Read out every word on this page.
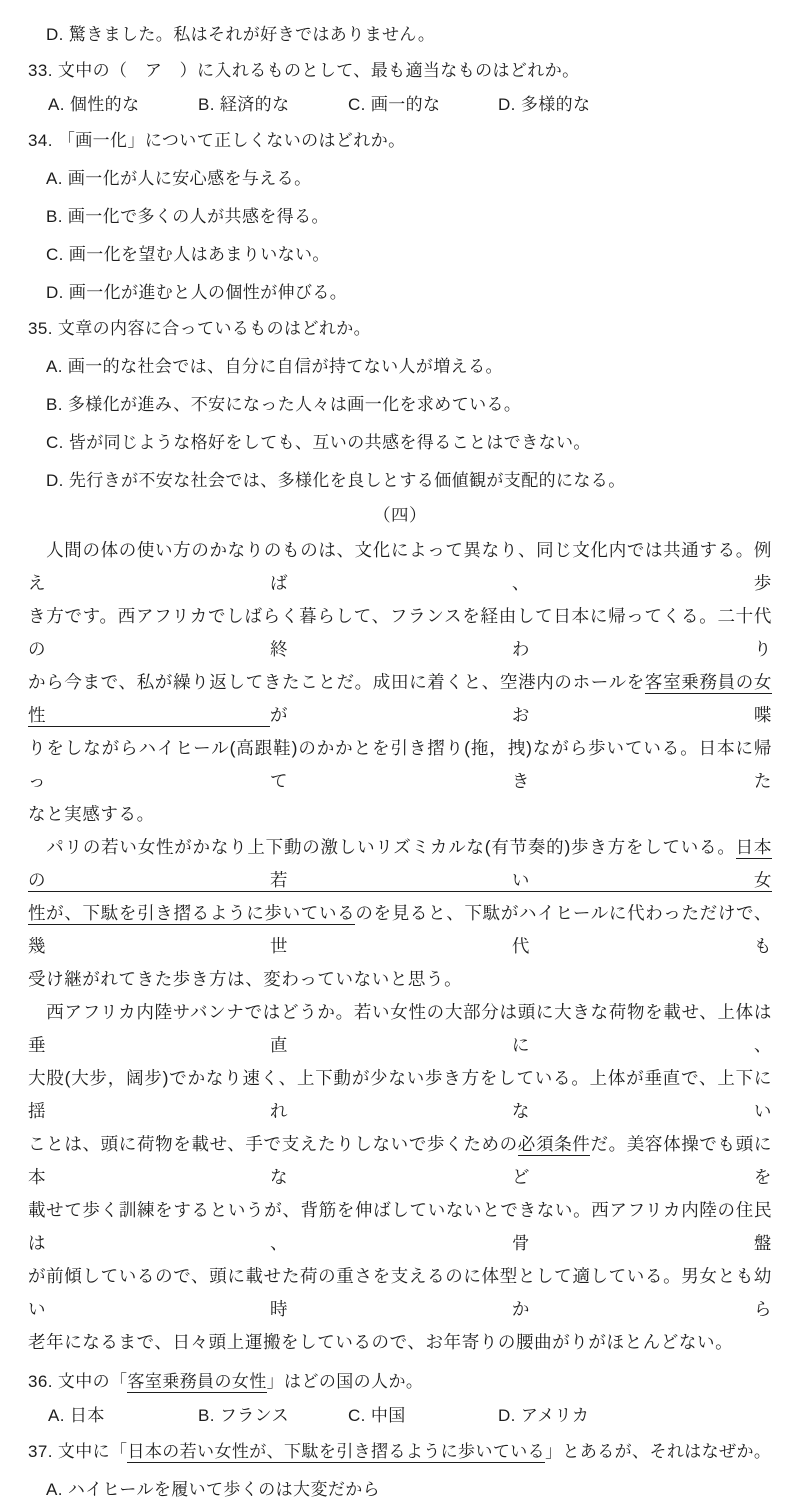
D. 驚きました。私はそれが好きではありません。
33. 文中の（　ア　）に入れるものとして、最も適当なものはどれか。
A. 個性的な	B. 経済的な	C. 画一的な	D. 多様的な
34. 「画一化」について正しくないのはどれか。
A. 画一化が人に安心感を与える。
B. 画一化で多くの人が共感を得る。
C. 画一化を望む人はあまりいない。
D. 画一化が進むと人の個性が伸びる。
35. 文章の内容に合っているものはどれか。
A. 画一的な社会では、自分に自信が持てない人が増える。
B. 多様化が進み、不安になった人々は画一化を求めている。
C. 皆が同じような格好をしても、互いの共感を得ることはできない。
D. 先行きが不安な社会では、多様化を良しとする価値観が支配的になる。
（四）
　人間の体の使い方のかなりのものは、文化によって異なり、同じ文化内では共通する。例えば、歩
き方です。西アフリカでしばらく暮らして、フランスを経由して日本に帰ってくる。二十代の終わり
から今まで、私が繰り返してきたことだ。成田に着くと、空港内のホールを客室乗務員の女性がお喋
りをしながらハイヒール(高跟鞋)のかかとを引き摺り(拖，拽)ながら歩いている。日本に帰ってきた
なと実感する。
　パリの若い女性がかなり上下動の激しいリズミカルな(有节奏的)歩き方をしている。日本の若い女
性が、下駄を引き摺るように歩いているのを見ると、下駄がハイヒールに代わっただけで、幾世代も
受け継がれてきた歩き方は、変わっていないと思う。
　西アフリカ内陸サバンナではどうか。若い女性の大部分は頭に大きな荷物を載せ、上体は垂直に、
大股(大步，阔步)でかなり速く、上下動が少ない歩き方をしている。上体が垂直で、上下に揺れない
ことは、頭に荷物を載せ、手で支えたりしないで歩くための必須条件だ。美容体操でも頭に本などを
載せて歩く訓練をするというが、背筋を伸ばしていないとできない。西アフリカ内陸の住民は、骨盤
が前傾しているので、頭に載せた荷の重さを支えるのに体型として適している。男女とも幼い時から
老年になるまで、日々頭上運搬をしているので、お年寄りの腰曲がりがほとんどない。
36. 文中の「客室乗務員の女性」はどの国の人か。
A. 日本	B. フランス	C. 中国	D. アメリカ
37. 文中に「日本の若い女性が、下駄を引き摺るように歩いている」とあるが、それはなぜか。
A. ハイヒールを履いて歩くのは大変だから
